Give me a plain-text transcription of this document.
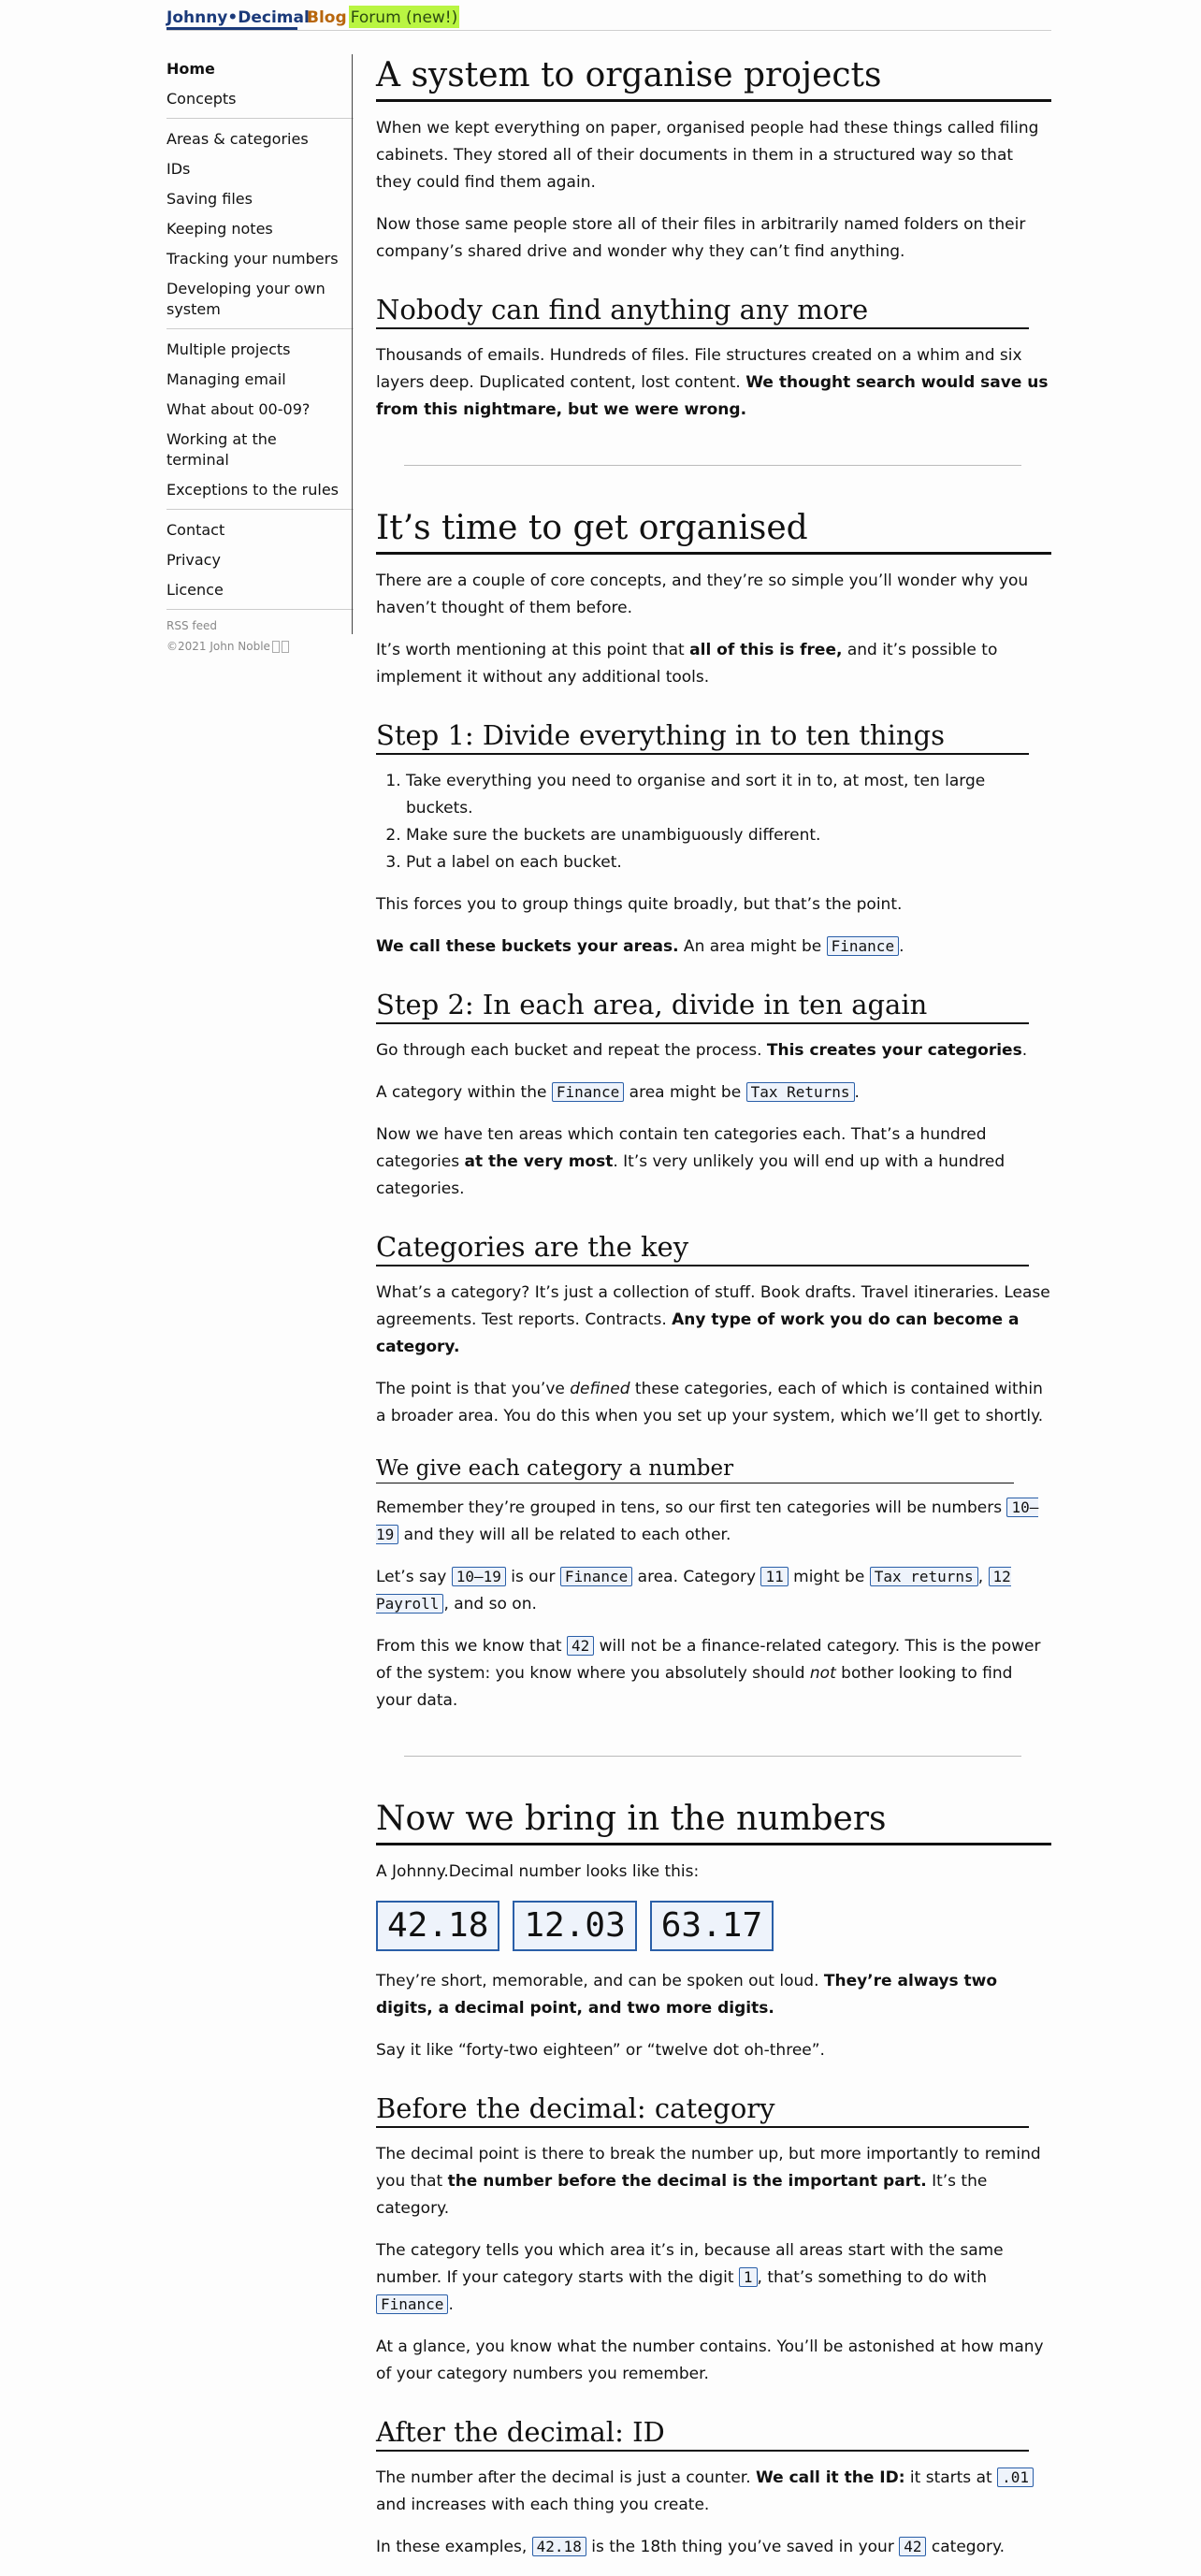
Johnny•Decimal
Blog Forum (new!)
Home
Concepts
Areas & categories
IDs
Saving files
Keeping notes
Tracking your numbers
Developing your own system
Multiple projects
Managing email
What about 00-09?
Working at the terminal
Exceptions to the rules
Contact
Privacy
Licence
RSS feed
©2021 John Noble
A system to organise projects

When we kept everything on paper, organised people had these things called filing cabinets. They stored all of their documents in them in a structured way so that they could find them again.

Now those same people store all of their files in arbitrarily named folders on their company’s shared drive and wonder why they can’t find anything.

Nobody can find anything any more

Thousands of emails. Hundreds of files. File structures created on a whim and six layers deep. Duplicated content, lost content. We thought search would save us from this nightmare, but we were wrong.

It’s time to get organised

There are a couple of core concepts, and they’re so simple you’ll wonder why you haven’t thought of them before.

It’s worth mentioning at this point that all of this is free, and it’s possible to implement it without any additional tools.

Step 1: Divide everything in to ten things
1. Take everything you need to organise and sort it in to, at most, ten large buckets.
2. Make sure the buckets are unambiguously different.
3. Put a label on each bucket.

This forces you to group things quite broadly, but that’s the point.

We call these buckets your areas. An area might be Finance .

Step 2: In each area, divide in ten again

Go through each bucket and repeat the process. This creates your categories.

A category within the Finance area might be Tax Returns .

Now we have ten areas which contain ten categories each. That’s a hundred categories at the very most. It’s very unlikely you will end up with a hundred categories.

Categories are the key

What’s a category? It’s just a collection of stuff. Book drafts. Travel itineraries. Lease agreements. Test reports. Contracts. Any type of work you do can become a category.

The point is that you’ve defined these categories, each of which is contained within a broader area. You do this when you set up your system, which we’ll get to shortly.

We give each category a number

Remember they’re grouped in tens, so our first ten categories will be numbers 10–19 and they will all be related to each other.

Let’s say 10–19 is our Finance area. Category 11 might be Tax returns , 12 Payroll , and so on.

From this we know that 42 will not be a finance-related category. This is the power of the system: you know where you absolutely should not bother looking to find your data.

Now we bring in the numbers

A Johnny.Decimal number looks like this:

42.18	12.03	63.17

They’re short, memorable, and can be spoken out loud. They’re always two digits, a decimal point, and two more digits.

Say it like “forty-two eighteen” or “twelve dot oh-three”.

Before the decimal: category

The decimal point is there to break the number up, but more importantly to remind you that the number before the decimal is the important part. It’s the category.

The category tells you which area it’s in, because all areas start with the same number. If your category starts with the digit 1 , that’s something to do with Finance .

At a glance, you know what the number contains. You’ll be astonished at how many of your category numbers you remember.

After the decimal: ID

The number after the decimal is just a counter. We call it the ID: it starts at .01 and increases with each thing you create.

In these examples, 42.18 is the 18th thing you’ve saved in your 42 category.
